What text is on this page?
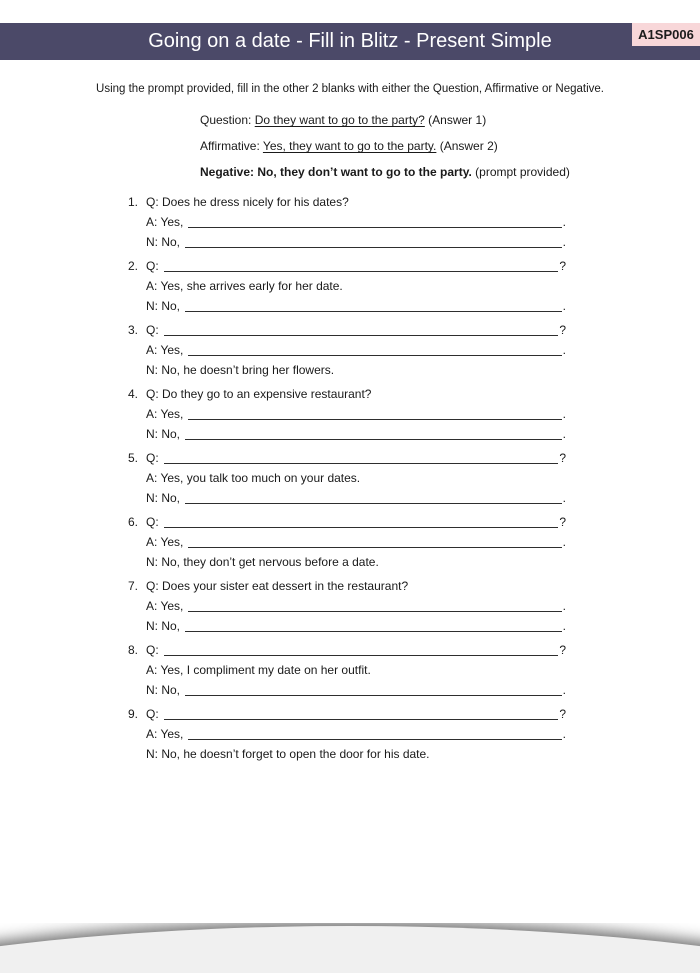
A1SP006
Going on a date - Fill in Blitz - Present Simple
Using the prompt provided, fill in the other 2 blanks with either the Question, Affirmative or Negative.
Question: Do they want to go to the party? (Answer 1)
Affirmative: Yes, they want to go to the party. (Answer 2)
Negative: No, they don’t want to go to the party. (prompt provided)
1. Q: Does he dress nicely for his dates?
A: Yes,	.
N: No,	.
2. Q:	?
A: Yes, she arrives early for her date.
N: No,	.
3. Q:	?
A: Yes,	.
N: No, he doesn’t bring her flowers.
4. Q: Do they go to an expensive restaurant?
A: Yes,	.
N: No,	.
5. Q:	?
A: Yes, you talk too much on your dates.
N: No,	.
6. Q:	?
A: Yes,	.
N: No, they don’t get nervous before a date.
7. Q: Does your sister eat dessert in the restaurant?
A: Yes,	.
N: No,	.
8. Q:	?
A: Yes, I compliment my date on her outfit.
N: No,	.
9. Q:	?
A: Yes,	.
N: No, he doesn’t forget to open the door for his date.
